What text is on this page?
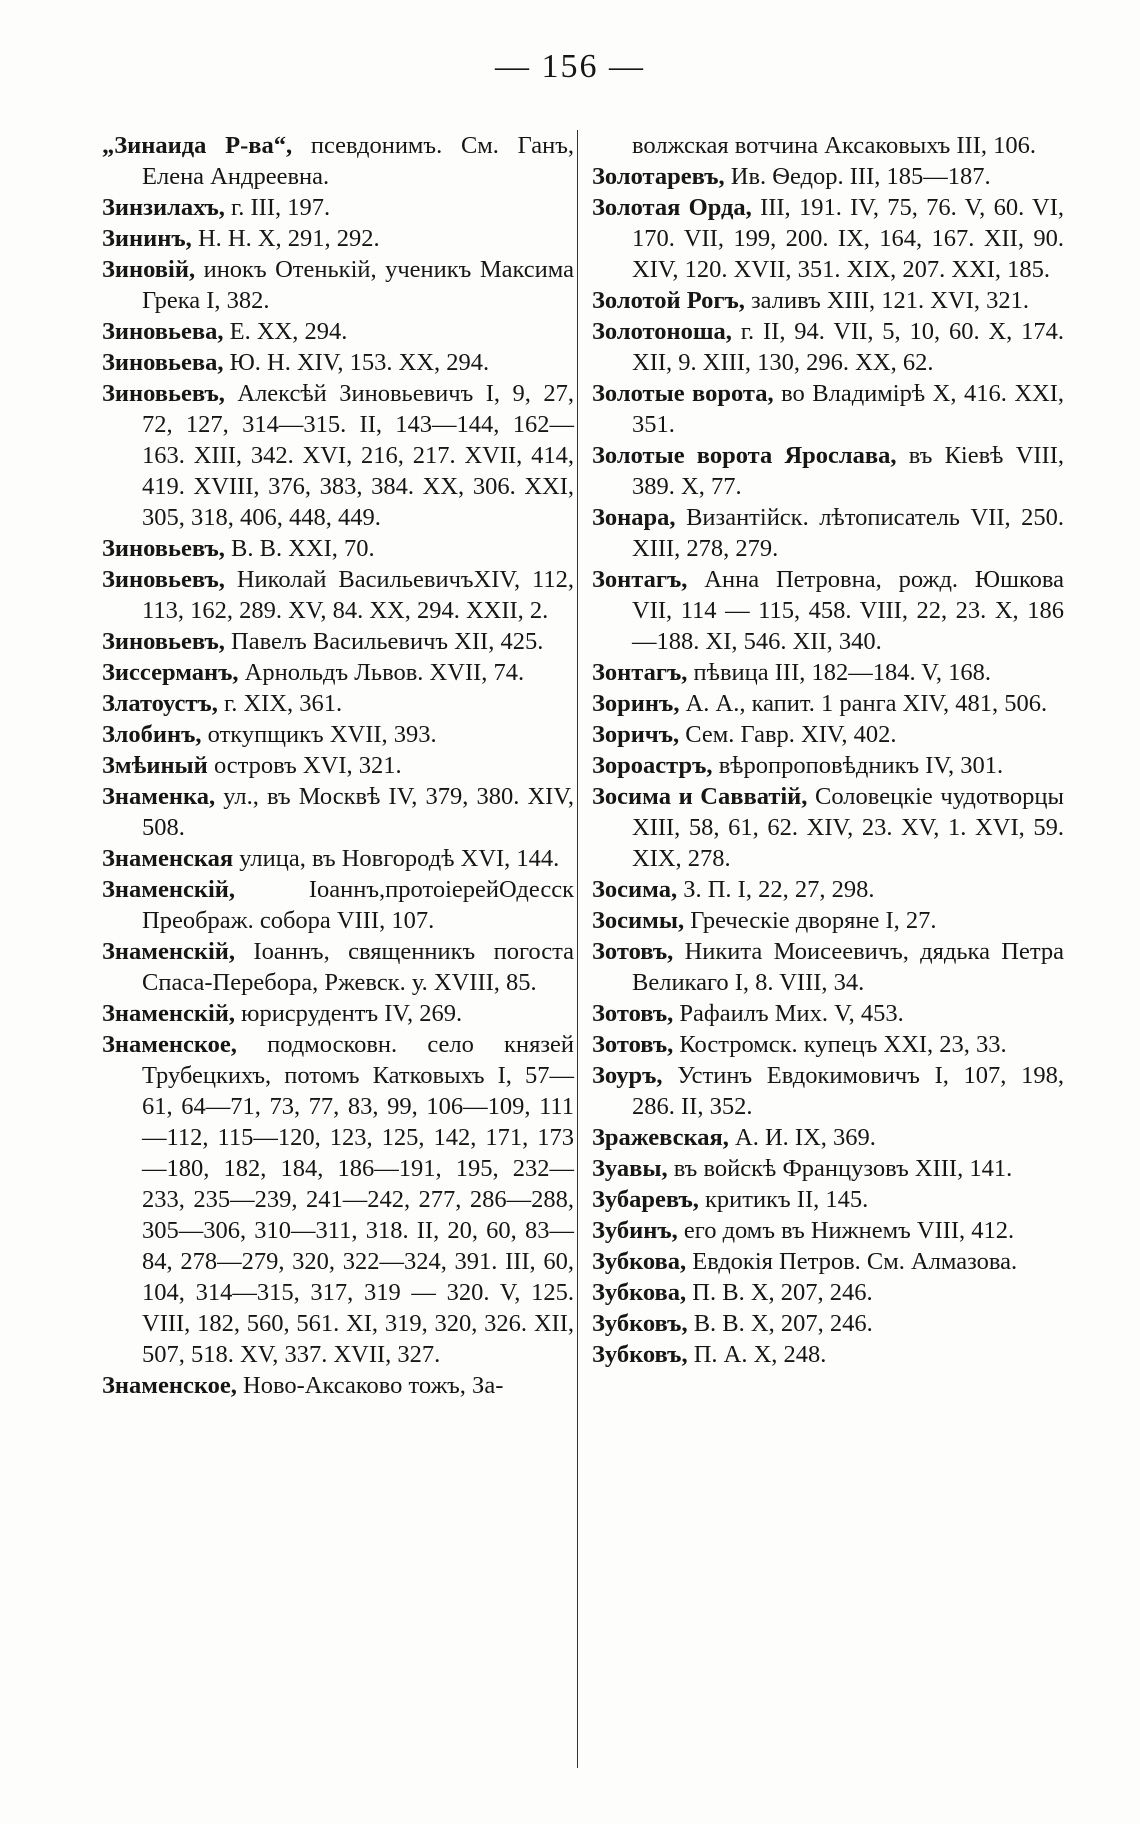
— 156 —

„Зинаида Р-ва“, псевдонимъ. См. Ганъ, Елена Андреевна.

Зинзилахъ, г. III, 197.

Зининъ, Н. Н. X, 291, 292.

Зиновій, инокъ Отенькій, ученикъ Максима Грека I, 382.

Зиновьева, Е. XX, 294.

Зиновьева, Ю. Н. XIV, 153. XX, 294.

Зиновьевъ, Алексѣй Зиновьевичъ I, 9, 27, 72, 127, 314—315. II, 143—144, 162—163. XIII, 342. XVI, 216, 217. XVII, 414, 419. XVIII, 376, 383, 384. XX, 306. XXI, 305, 318, 406, 448, 449.

Зиновьевъ, В. В. XXI, 70.

Зиновьевъ, Николай ВасильевичъXIV, 112, 113, 162, 289. XV, 84. XX, 294. XXII, 2.

Зиновьевъ, Павелъ Васильевичъ XII, 425.

Зиссерманъ, Арнольдъ Львов. XVII, 74.

Златоустъ, г. XIX, 361.

Злобинъ, откупщикъ XVII, 393.

Змѣиный островъ XVI, 321.

Знаменка, ул., въ Москвѣ IV, 379, 380. XIV, 508.

Знаменская улица, въ Новгородѣ XVI, 144.

Знаменскій, Іоаннъ,протоіерейОдесск Преображ. собора VIII, 107.

Знаменскій, Іоаннъ, священникъ погоста Спаса-Перебора, Ржевск. у. XVIII, 85.

Знаменскій, юрисрудентъ IV, 269.

Знаменское, подмосковн. село князей Трубецкихъ, потомъ Катковыхъ I, 57—61, 64—71, 73, 77, 83, 99, 106—109, 111—112, 115—120, 123, 125, 142, 171, 173—180, 182, 184, 186—191, 195, 232—233, 235—239, 241—242, 277, 286—288, 305—306, 310—311, 318. II, 20, 60, 83—84, 278—279, 320, 322—324, 391. III, 60, 104, 314—315, 317, 319 — 320. V, 125. VIII, 182, 560, 561. XI, 319, 320, 326. XII, 507, 518. XV, 337. XVII, 327.

Знаменское, Ново-Аксаково тожъ, За-

волжская вотчина Аксаковыхъ III, 106.

Золотаревъ, Ив. Ѳедор. III, 185—187.

Золотая Орда, III, 191. IV, 75, 76. V, 60. VI, 170. VII, 199, 200. IX, 164, 167. XII, 90. XIV, 120. XVII, 351. XIX, 207. XXI, 185.

Золотой Рогъ, заливъ XIII, 121. XVI, 321.

Золотоноша, г. II, 94. VII, 5, 10, 60. X, 174. XII, 9. XIII, 130, 296. XX, 62.

Золотые ворота, во Владимірѣ X, 416. XXI, 351.

Золотые ворота Ярослава, въ Кіевѣ VIII, 389. X, 77.

Зонара, Византійск. лѣтописатель VII, 250. XIII, 278, 279.

Зонтагъ, Анна Петровна, рожд. Юшкова VII, 114 — 115, 458. VIII, 22, 23. X, 186—188. XI, 546. XII, 340.

Зонтагъ, пѣвица III, 182—184. V, 168.

Зоринъ, А. А., капит. 1 ранга XIV, 481, 506.

Зоричъ, Сем. Гавр. XIV, 402.

Зороастръ, вѣропроповѣдникъ IV, 301.

Зосима и Савватій, Соловецкіе чудотворцы XIII, 58, 61, 62. XIV, 23. XV, 1. XVI, 59. XIX, 278.

Зосима, З. П. I, 22, 27, 298.

Зосимы, Греческіе дворяне I, 27.

Зотовъ, Никита Моисеевичъ, дядька Петра Великаго I, 8. VIII, 34.

Зотовъ, Рафаилъ Мих. V, 453.

Зотовъ, Костромск. купецъ XXI, 23, 33.

Зоуръ, Устинъ Евдокимовичъ I, 107, 198, 286. II, 352.

Зражевская, А. И. IX, 369.

Зуавы, въ войскѣ Французовъ XIII, 141.

Зубаревъ, критикъ II, 145.

Зубинъ, его домъ въ Нижнемъ VIII, 412.

Зубкова, Евдокія Петров. См. Алмазова.

Зубкова, П. В. X, 207, 246.

Зубковъ, В. В. X, 207, 246.

Зубковъ, П. А. X, 248.
